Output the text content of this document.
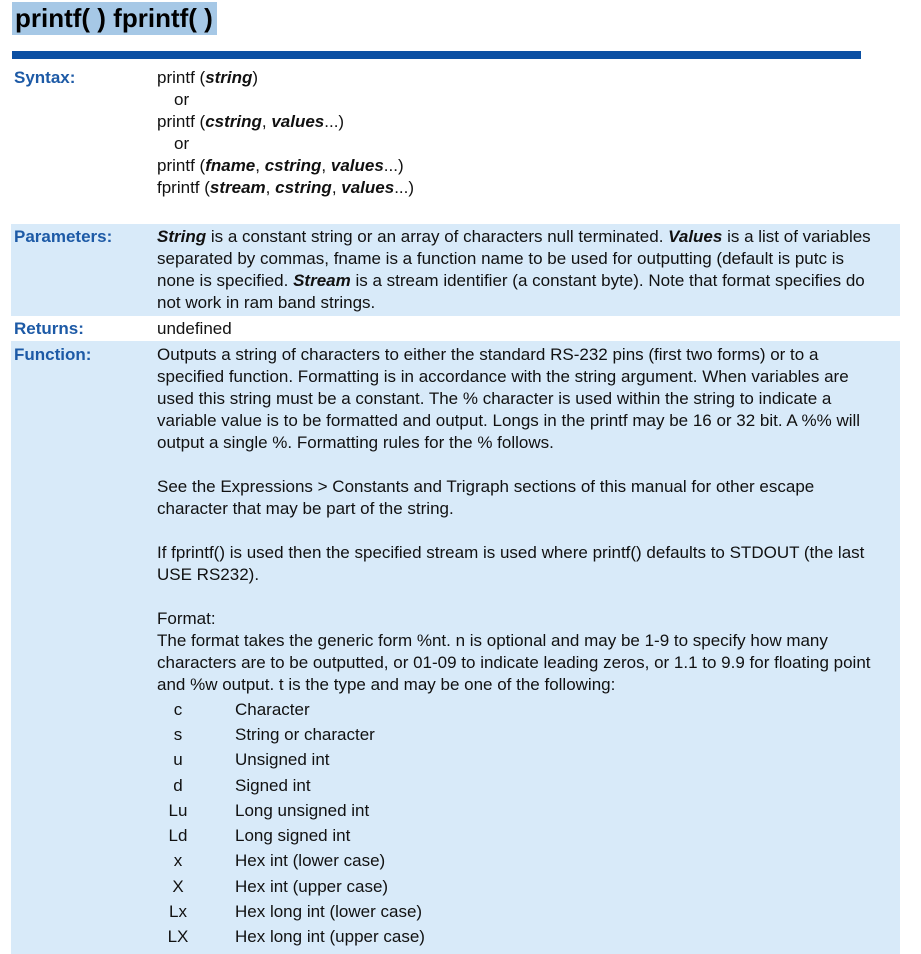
printf( ) fprintf( )
Syntax:	printf (string)
or
printf (cstring, values...)
or
printf (fname, cstring, values...)
fprintf (stream, cstring, values...)
Parameters:	String is a constant string or an array of characters null terminated. Values is a list of variables separated by commas, fname is a function name to be used for outputting (default is putc is none is specified. Stream is a stream identifier (a constant byte). Note that format specifies do not work in ram band strings.
Returns:	undefined
Function:	Outputs a string of characters to either the standard RS-232 pins (first two forms) or to a specified function. Formatting is in accordance with the string argument. When variables are used this string must be a constant. The % character is used within the string to indicate a variable value is to be formatted and output. Longs in the printf may be 16 or 32 bit. A %% will output a single %. Formatting rules for the % follows.

See the Expressions > Constants and Trigraph sections of this manual for other escape character that may be part of the string.

If fprintf() is used then the specified stream is used where printf() defaults to STDOUT (the last USE RS232).

Format:

The format takes the generic form %nt. n is optional and may be 1-9 to specify how many characters are to be outputted, or 01-09 to indicate leading zeros, or 1.1 to 9.9 for floating point and %w output. t is the type and may be one of the following:

c	Character
s	String or character
u	Unsigned int
d	Signed int
Lu	Long unsigned int
Ld	Long signed int
x	Hex int (lower case)
X	Hex int (upper case)
Lx	Hex long int (lower case)
LX	Hex long int (upper case)
